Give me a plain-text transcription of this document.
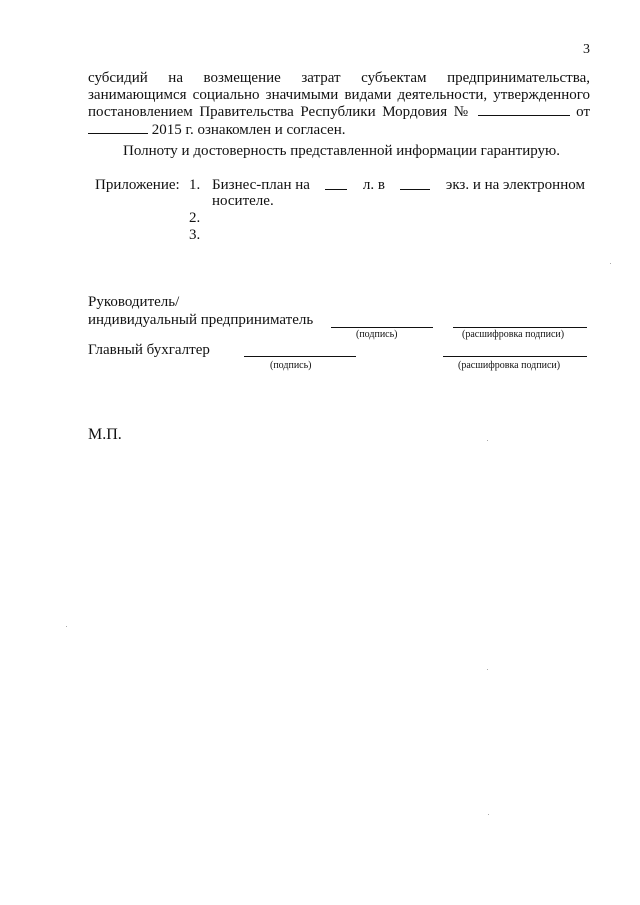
3
субсидий на возмещение затрат субъектам предпринимательства,
занимающимся социально значимыми видами деятельности, утвержденного
постановлением Правительства Республики Мордовия №	от
2015 г. ознакомлен и согласен.
Полноту и достоверность представленной информации гарантирую.
Приложение: 1. Бизнес-план на	л. в	экз. и на электронном
носителе.
2.
3.
Руководитель/
индивидуальный предприниматель
(подпись)	(расшифровка подписи)
Главный бухгалтер
(подпись)	(расшифровка подписи)
М.П.
